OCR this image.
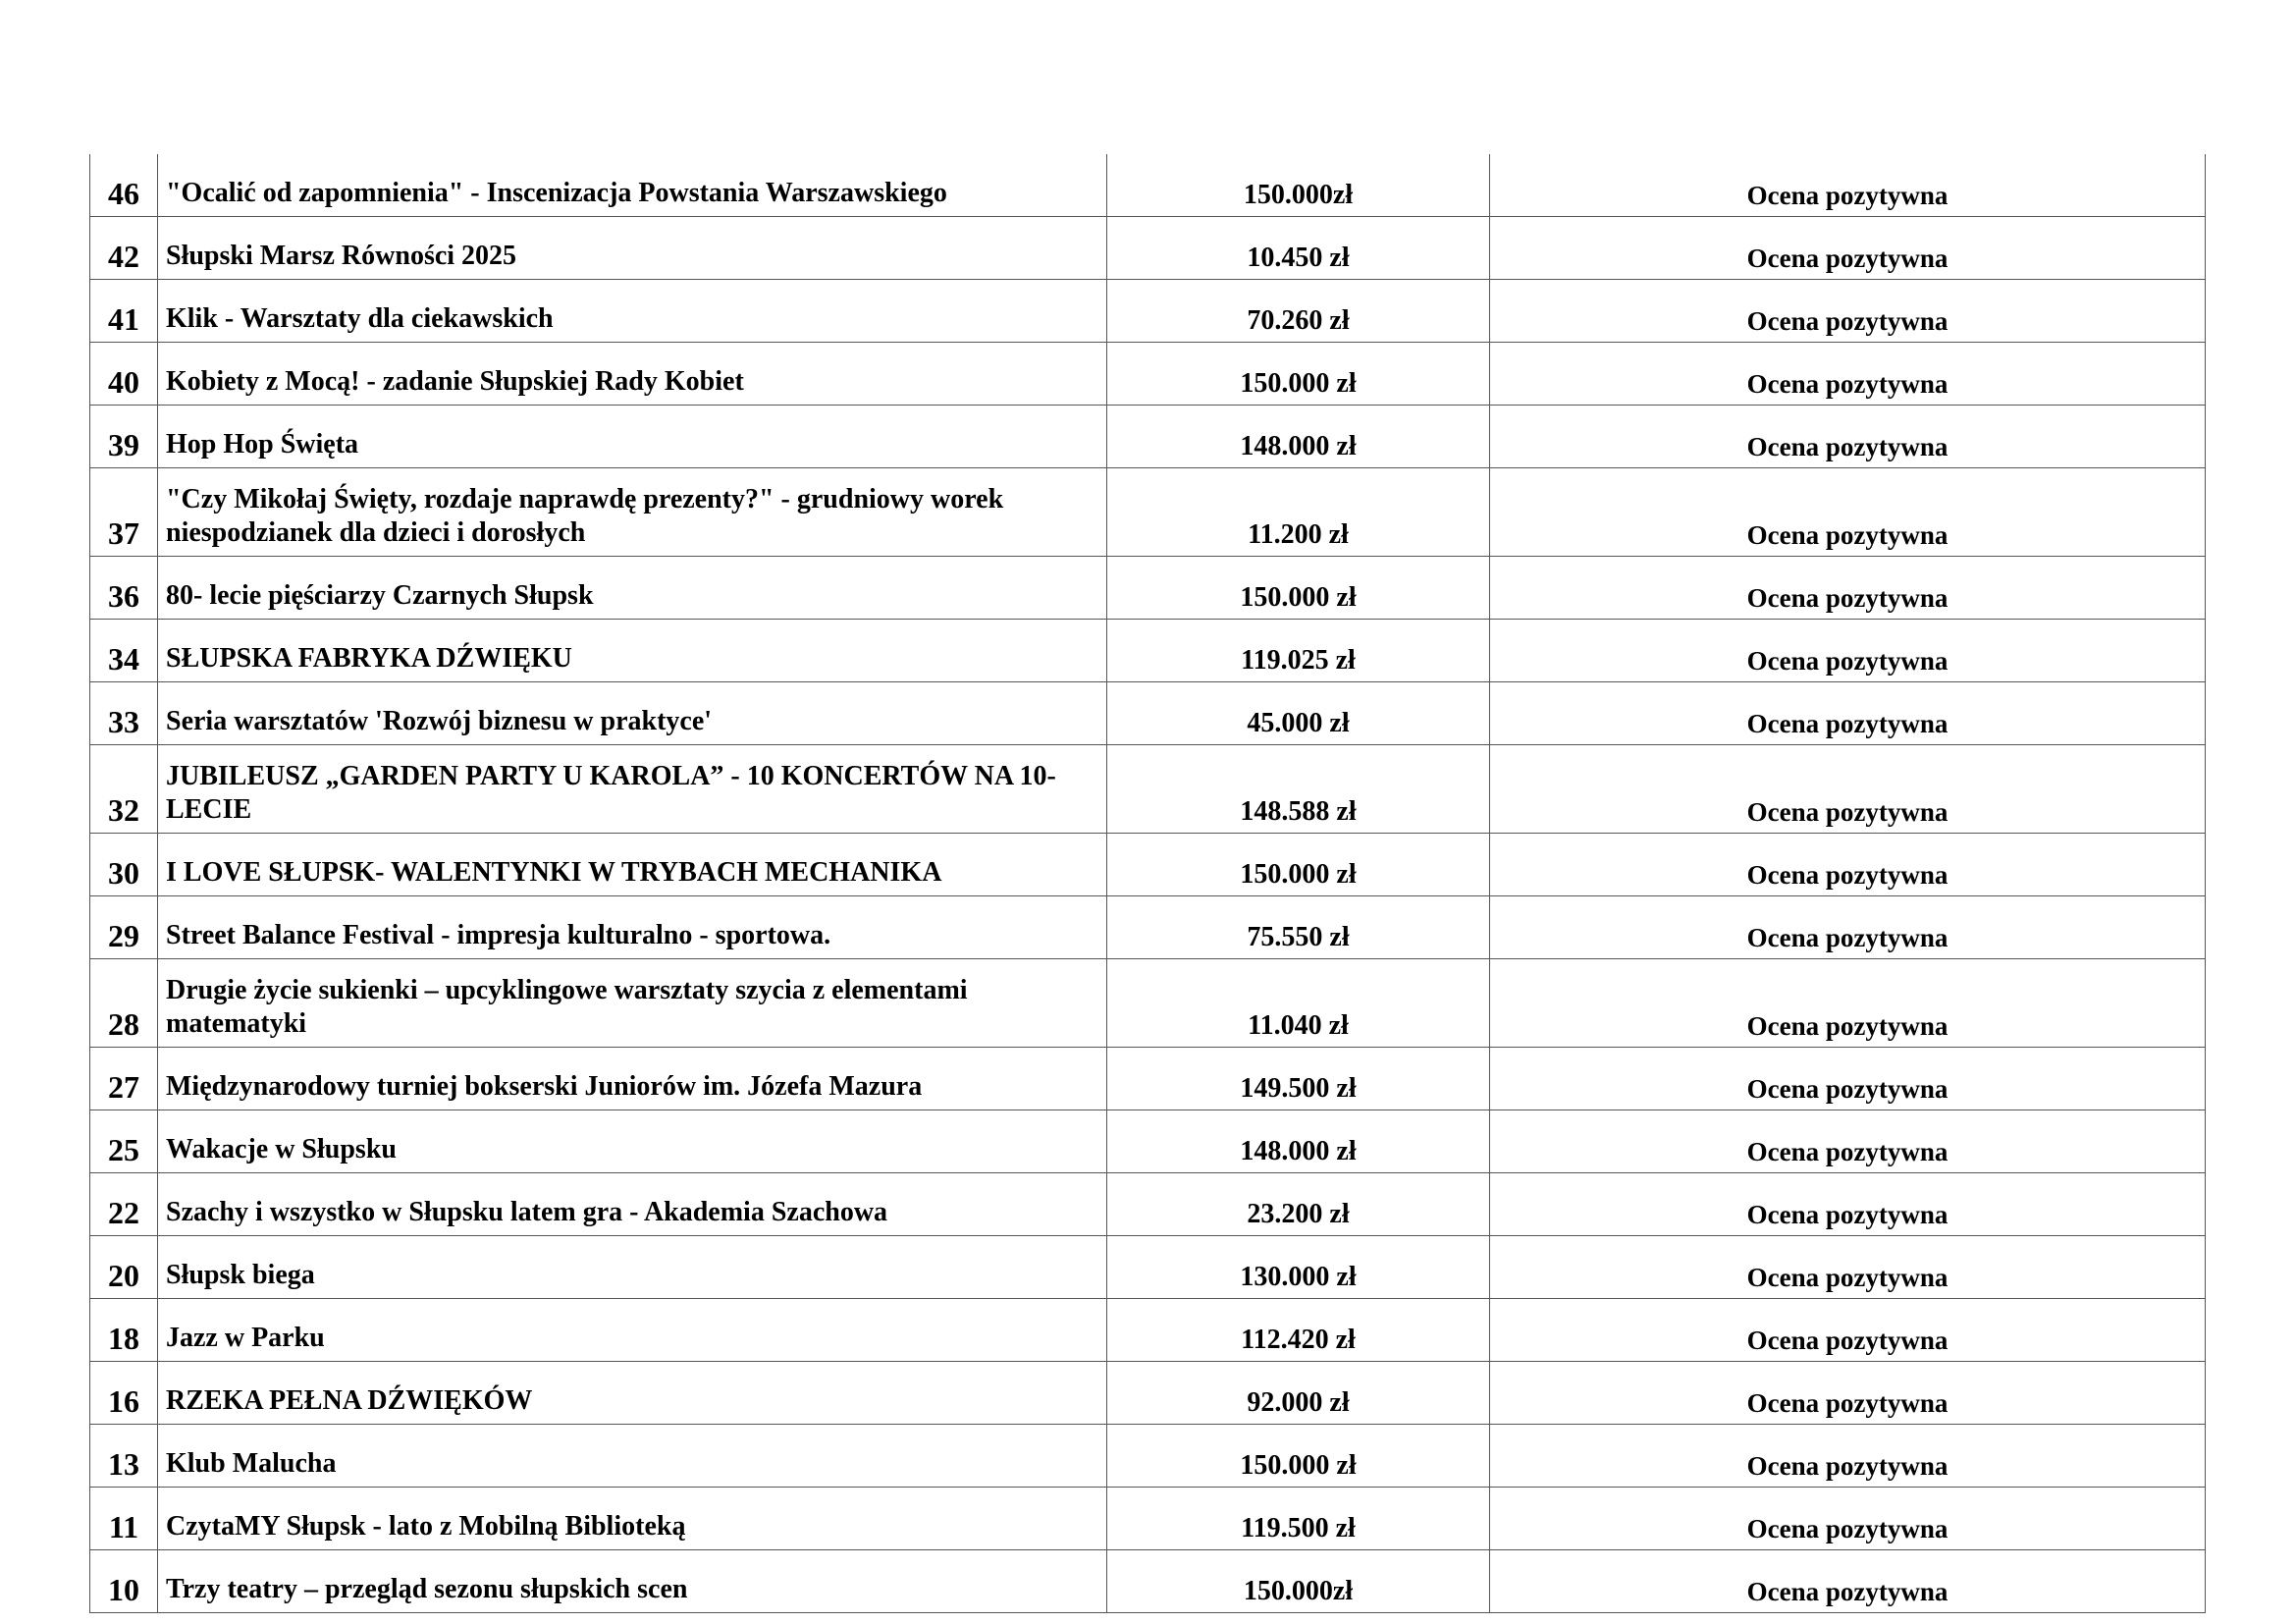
46	"Ocalić od zapomnienia" - Inscenizacja Powstania Warszawskiego	150.000zł	Ocena pozytywna
42	Słupski Marsz Równości 2025	10.450 zł	Ocena pozytywna
41	Klik - Warsztaty dla ciekawskich	70.260 zł	Ocena pozytywna
40	Kobiety z Mocą! - zadanie Słupskiej Rady Kobiet	150.000 zł	Ocena pozytywna
39	Hop Hop Święta	148.000 zł	Ocena pozytywna
37	"Czy Mikołaj Święty, rozdaje naprawdę prezenty?" - grudniowy worek niespodzianek dla dzieci i dorosłych	11.200 zł	Ocena pozytywna
36	80- lecie pięściarzy Czarnych Słupsk	150.000 zł	Ocena pozytywna
34	SŁUPSKA FABRYKA DŹWIĘKU	119.025 zł	Ocena pozytywna
33	Seria warsztatów 'Rozwój biznesu w praktyce'	45.000 zł	Ocena pozytywna
32	JUBILEUSZ „GARDEN PARTY U KAROLA” - 10 KONCERTÓW NA 10-LECIE	148.588 zł	Ocena pozytywna
30	I LOVE SŁUPSK- WALENTYNKI W TRYBACH MECHANIKA	150.000 zł	Ocena pozytywna
29	Street Balance Festival - impresja kulturalno - sportowa.	75.550 zł	Ocena pozytywna
28	Drugie życie sukienki – upcyklingowe warsztaty szycia z elementami matematyki	11.040 zł	Ocena pozytywna
27	Międzynarodowy turniej bokserski Juniorów im. Józefa Mazura	149.500 zł	Ocena pozytywna
25	Wakacje w Słupsku	148.000 zł	Ocena pozytywna
22	Szachy i wszystko w Słupsku latem gra - Akademia Szachowa	23.200 zł	Ocena pozytywna
20	Słupsk biega	130.000 zł	Ocena pozytywna
18	Jazz w Parku	112.420 zł	Ocena pozytywna
16	RZEKA PEŁNA DŹWIĘKÓW	92.000 zł	Ocena pozytywna
13	Klub Malucha	150.000 zł	Ocena pozytywna
11	CzytaMY Słupsk - lato z Mobilną Biblioteką	119.500 zł	Ocena pozytywna
10	Trzy teatry – przegląd sezonu słupskich scen	150.000zł	Ocena pozytywna
